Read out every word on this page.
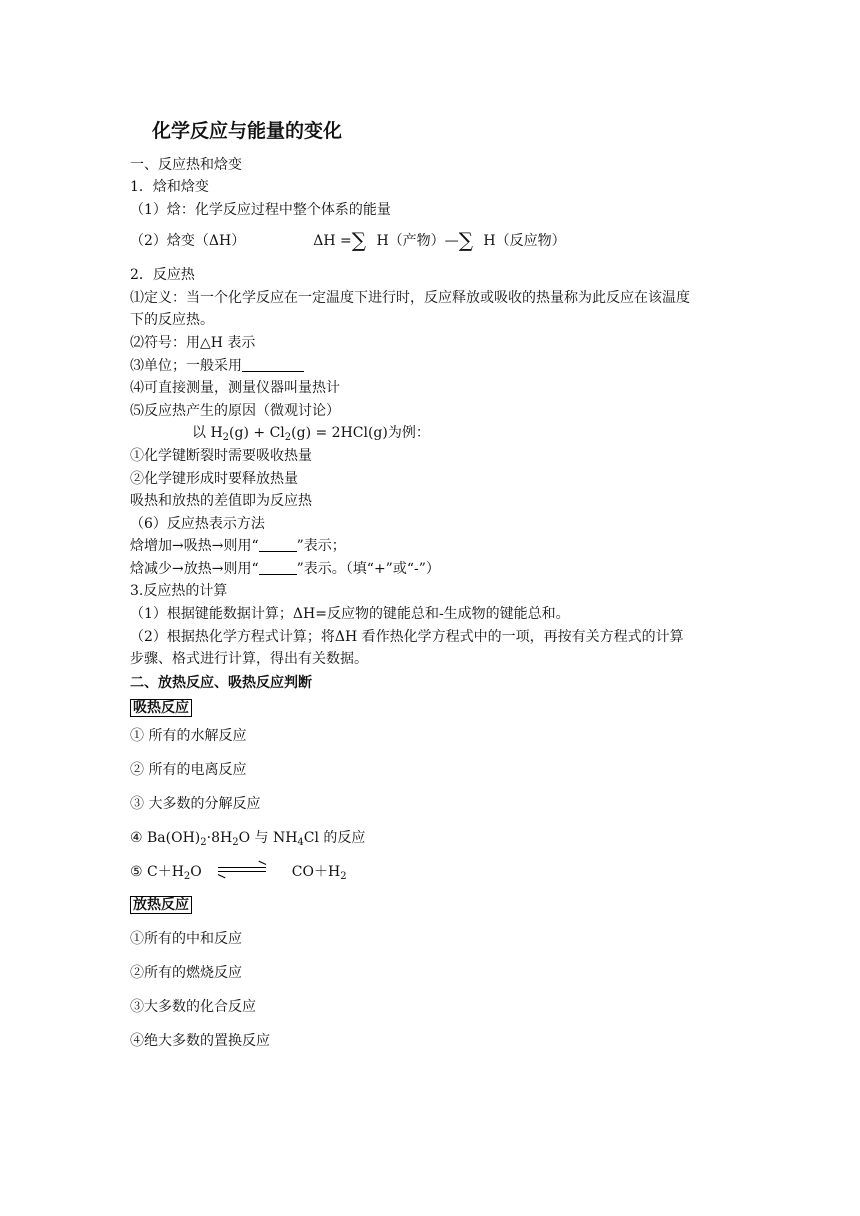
化学反应与能量的变化
一、反应热和焓变
1．焓和焓变
（1）焓：化学反应过程中整个体系的能量
（2）焓变（ΔH）	ΔH =∑ H（产物）—∑ H（反应物）
2．反应热
⑴定义：当一个化学反应在一定温度下进行时，反应释放或吸收的热量称为此反应在该温度
下的反应热。
⑵符号：用△H 表示
⑶单位；一般采用
⑷可直接测量，测量仪器叫量热计
⑸反应热产生的原因（微观讨论）
以 $H_2(g) + Cl_2(g) = 2HCl(g)$为例：
①化学键断裂时需要吸收热量
②化学键形成时要释放热量
吸热和放热的差值即为反应热
（6）反应热表示方法
焓增加→吸热→则用“	”表示；
焓减少→放热→则用“	”表示。（填“+”或“-”）
3.反应热的计算
（1）根据键能数据计算；ΔH=反应物的键能总和-生成物的键能总和。
（2）根据热化学方程式计算；将ΔH 看作热化学方程式中的一项，再按有关方程式的计算
步骤、格式进行计算，得出有关数据。
二、放热反应、吸热反应判断
吸热反应
① 所有的水解反应
② 所有的电离反应
③ 大多数的分解反应
④ $Ba(OH)_2\cdot 8H_2O$ 与 $NH_4Cl$ 的反应
⑤ $C+H_2O$ ⇌ $CO+H_2$
放热反应
①所有的中和反应
②所有的燃烧反应
③大多数的化合反应
④绝大多数的置换反应
